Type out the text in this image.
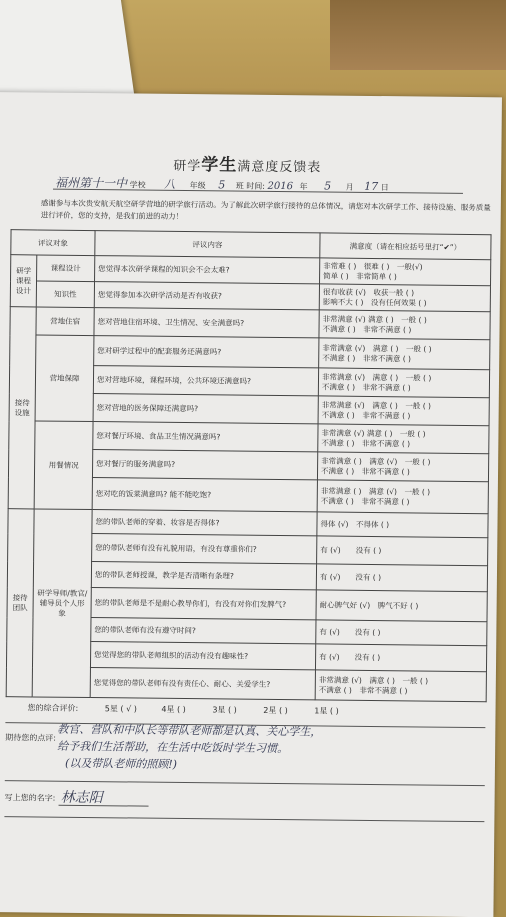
研学学生满意度反馈表
福州第十一中 学校 八 年级 5 班 时间: 2016 年 5 月 17 日
感谢参与本次贵安航天航空研学营地的研学旅行活动。为了解此次研学旅行接待的总体情况，请您对本次研学工作、接待设施、服务质量进行评价，您的支持，是我们前进的动力！
评议对象		评议内容	满意度（请在相应括号里打“✔”）
研学课程设计	课程设计	您觉得本次研学课程的知识会不会太难?	非常难 ( )　很难 ( )　一般(√)
简单 ( )　非常简单 ( )

	知识性	您觉得参加本次研学活动是否有收获?	很有收获 (√)　收获一般 ( )
影响不大 ( )　没有任何效果 ( )

接待设施	营地住宿	您对营地住宿环境、卫生情况、安全满意吗?	非常满意 (√) 满意 ( )　一般 ( )
不满意 ( )　非常不满意 ( )

	营地保障	您对研学过程中的配套服务还满意吗?	非常满意 (√)　满意 ( )　一般 ( )
不满意 ( )　非常不满意 ( )

		您对营地环境，课程环境，公共环境还满意吗?	非常满意 (√)　满意 ( )　一般 ( )
不满意 ( )　非常不满意 ( )

		您对营地的医务保障还满意吗?	非常满意 (√)　满意 ( )　一般 ( )
不满意 ( )　非常不满意 ( )

	用餐情况	您对餐厅环境、食品卫生情况满意吗?	非常满意 (√) 满意 ( )　一般 ( )
不满意 ( )　非常不满意 ( )

		您对餐厅的服务满意吗?	非常满意 ( )　满意 (√)　一般 ( )
不满意 ( )　非常不满意 ( )

		您对吃的饭菜满意吗? 能不能吃饱?	非常满意 ( )　满意 (√)　一般 ( )
不满意 ( )　非常不满意 ( )

接待团队	研学导师/教官/辅导员个人形象	您的带队老师的穿着、妆容是否得体?	得体 (√)　不得体 ( )
		您的带队老师有没有礼貌用语，有没有尊重你们?	有 (√)　　没有 ( )
		您的带队老师授课，教学是否清晰有条理?	有 (√)　　没有 ( )
		您的带队老师是不是耐心教导你们，有没有对你们发脾气?	耐心脾气好 (√)　脾气不好 ( )
		您的带队老师有没有遵守时间?	有 (√)　　没有 ( )
		您觉得您的带队老师组织的活动有没有趣味性?	有 (√)　　没有 ( )
		您觉得您的带队老师有没有责任心、耐心、关爱学生?	非常满意 (√)　满意 ( )　一般 ( )
不满意 ( )　非常不满意 ( )
您的综合评价:	5星 ( √ )	4星 ( )	3星 ( )	2星 ( )	1星 ( )
期待您的点评: 教官、营队和中队长等带队老师都是认真、关心学生，
给予我们生活帮助，在生活中吃饭时学生习惯。
(以及带队老师的照顾!)
写上您的名字: 林志阳
